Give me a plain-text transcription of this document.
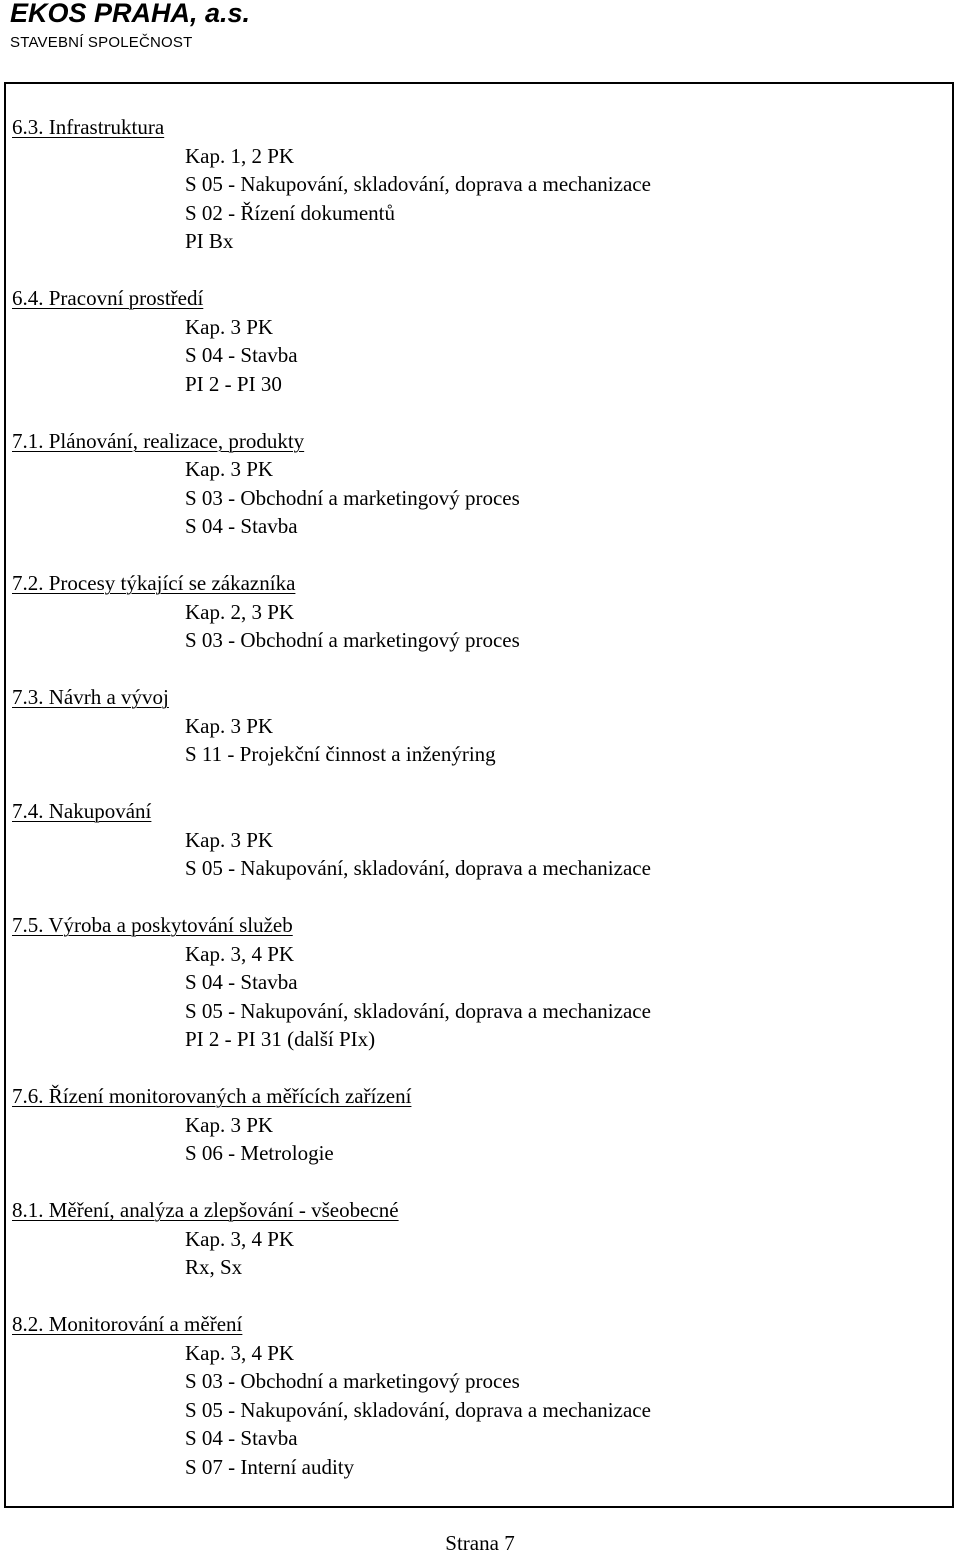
EKOS PRAHA, a.s.
STAVEBNÍ SPOLEČNOST
6.3. Infrastruktura
Kap. 1, 2 PK
S 05 - Nakupování, skladování, doprava a mechanizace
S 02 - Řízení dokumentů
PI Bx
6.4. Pracovní prostředí
Kap. 3 PK
S 04 - Stavba
PI 2 - PI 30
7.1. Plánování, realizace, produkty
Kap. 3 PK
S 03 - Obchodní a marketingový proces
S 04 - Stavba
7.2. Procesy týkající se zákazníka
Kap. 2, 3 PK
S 03 - Obchodní a marketingový proces
7.3. Návrh a vývoj
Kap. 3 PK
S 11 - Projekční činnost a inženýring
7.4. Nakupování
Kap. 3 PK
S 05 - Nakupování, skladování, doprava a mechanizace
7.5. Výroba a poskytování služeb
Kap. 3, 4 PK
S 04 - Stavba
S 05 - Nakupování, skladování, doprava a mechanizace
PI 2 - PI 31 (další PIx)
7.6. Řízení monitorovaných a měřících zařízení
Kap. 3 PK
S 06 - Metrologie
8.1. Měření, analýza a zlepšování - všeobecné
Kap. 3, 4 PK
Rx, Sx
8.2. Monitorování a měření
Kap. 3, 4 PK
S 03 - Obchodní a marketingový proces
S 05 - Nakupování, skladování, doprava a mechanizace
S 04 - Stavba
S 07 - Interní audity
Strana 7
